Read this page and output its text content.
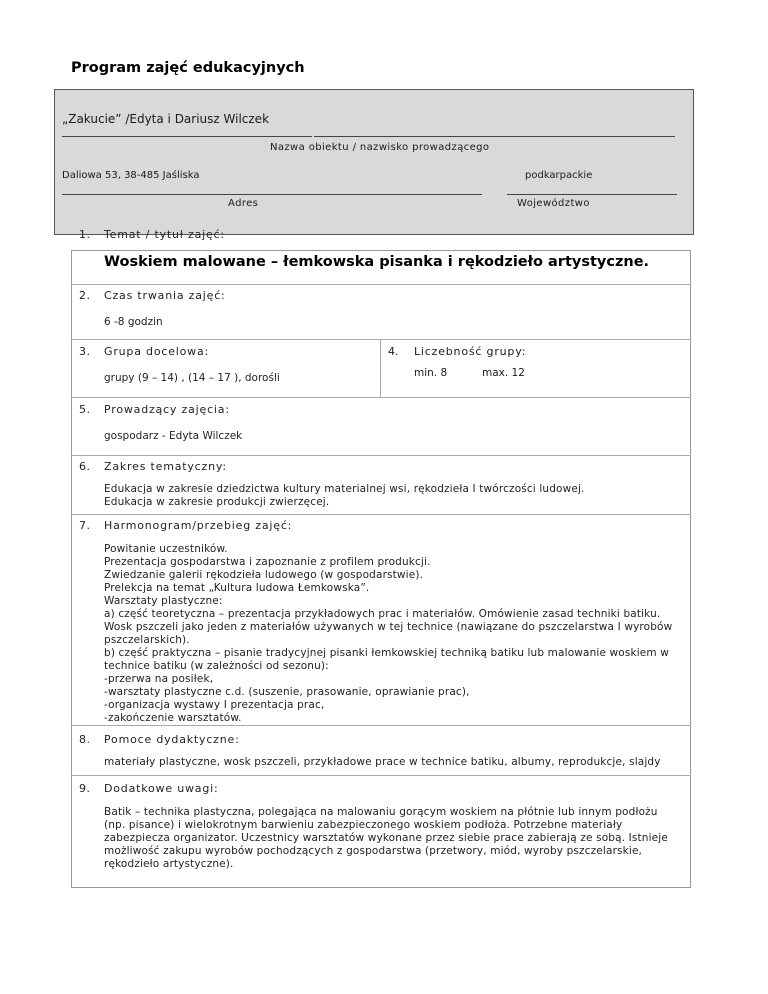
Program zajęć edukacyjnych
„Zakucie” /Edyta i Dariusz Wilczek
Nazwa obiektu / nazwisko prowadzącego
Daliowa 53, 38-485 Jaśliska	podkarpackie
Adres	Województwo
1. Temat / tytuł zajęć:
Woskiem malowane – łemkowska pisanka i rękodzieło artystyczne.
2. Czas trwania zajęć:
6 -8 godzin
3. Grupa docelowa:
grupy (9 – 14) , (14 – 17 ), dorośli
4. Liczebność grupy:
min. 8	max. 12
5. Prowadzący zajęcia:
gospodarz - Edyta Wilczek
6. Zakres tematyczny:
Edukacja w zakresie dziedzictwa kultury materialnej wsi, rękodzieła I twórczości ludowej.
Edukacja w zakresie produkcji zwierzęcej.
7. Harmonogram/przebieg zajęć:
Powitanie uczestników.
Prezentacja gospodarstwa i zapoznanie z profilem produkcji.
Zwiedzanie galerii rękodzieła ludowego (w gospodarstwie).
Prelekcja na temat „Kultura ludowa Łemkowska”.
Warsztaty plastyczne:
a) część teoretyczna – prezentacja przykładowych prac i materiałów. Omówienie zasad techniki batiku.
Wosk pszczeli jako jeden z materiałów używanych w tej technice (nawiązane do pszczelarstwa I wyrobów
pszczelarskich).
b) część praktyczna – pisanie tradycyjnej pisanki łemkowskiej techniką batiku lub malowanie woskiem w
technice batiku (w zależności od sezonu):
-przerwa na posiłek,
-warsztaty plastyczne c.d. (suszenie, prasowanie, oprawianie prac),
-organizacja wystawy I prezentacja prac,
-zakończenie warsztatów.
8. Pomoce dydaktyczne:
materiały plastyczne, wosk pszczeli, przykładowe prace w technice batiku, albumy, reprodukcje, slajdy
9. Dodatkowe uwagi:
Batik – technika plastyczna, polegająca na malowaniu gorącym woskiem na płótnie lub innym podłożu
(np. pisance) i wielokrotnym barwieniu zabezpieczonego woskiem podłoża. Potrzebne materiały
zabezpiecza organizator. Uczestnicy warsztatów wykonane przez siebie prace zabierają ze sobą. Istnieje
możliwość zakupu wyrobów pochodzących z gospodarstwa (przetwory, miód, wyroby pszczelarskie,
rękodzieło artystyczne).
